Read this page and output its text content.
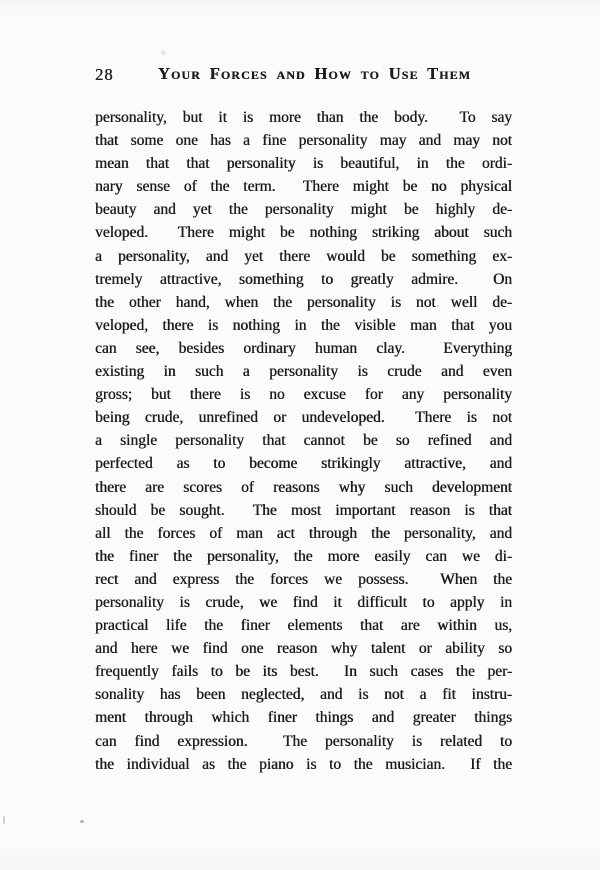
28	Your Forces and How to Use Them
personality, but it is more than the body.  To say
that some one has a fine personality may and may not
mean that that personality is beautiful, in the ordi-
nary sense of the term.  There might be no physical
beauty and yet the personality might be highly de-
veloped.  There might be nothing striking about such
a personality, and yet there would be something ex-
tremely attractive, something to greatly admire.  On
the other hand, when the personality is not well de-
veloped, there is nothing in the visible man that you
can see, besides ordinary human clay.  Everything
existing in such a personality is crude and even
gross; but there is no excuse for any personality
being crude, unrefined or undeveloped.  There is not
a single personality that cannot be so refined and
perfected as to become strikingly attractive, and
there are scores of reasons why such development
should be sought.  The most important reason is that
all the forces of man act through the personality, and
the finer the personality, the more easily can we di-
rect and express the forces we possess.  When the
personality is crude, we find it difficult to apply in
practical life the finer elements that are within us,
and here we find one reason why talent or ability so
frequently fails to be its best.  In such cases the per-
sonality has been neglected, and is not a fit instru-
ment through which finer things and greater things
can find expression.  The personality is related to
the individual as the piano is to the musician.  If the
